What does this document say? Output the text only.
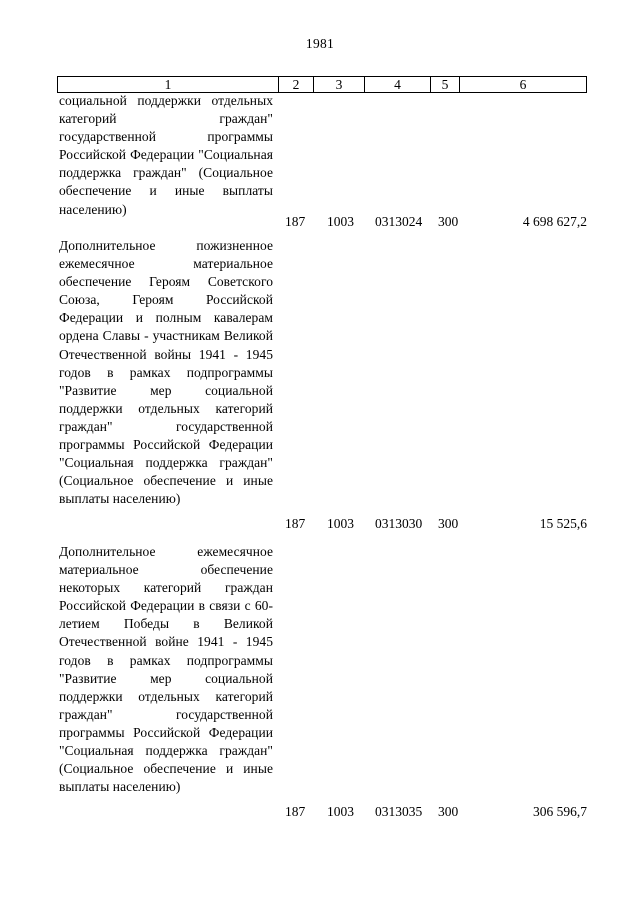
1981
1	2	3	4	5	6
социальной поддержки отдельных категорий граждан" государственной программы Российской Федерации "Социальная поддержка граждан" (Социальное обеспечение и иные выплаты населению)
187 1003 0313024 300	4 698 627,2
Дополнительное пожизненное ежемесячное материальное обеспечение Героям Советского Союза, Героям Российской Федерации и полным кавалерам ордена Славы - участникам Великой Отечественной войны 1941 - 1945 годов в рамках подпрограммы "Развитие мер социальной поддержки отдельных категорий граждан" государственной программы Российской Федерации "Социальная поддержка граждан" (Социальное обеспечение и иные выплаты населению)
187 1003 0313030 300	15 525,6
Дополнительное ежемесячное материальное обеспечение некоторых категорий граждан Российской Федерации в связи с 60-летием Победы в Великой Отечественной войне 1941 - 1945 годов в рамках подпрограммы "Развитие мер социальной поддержки отдельных категорий граждан" государственной программы Российской Федерации "Социальная поддержка граждан" (Социальное обеспечение и иные выплаты населению)
187 1003 0313035 300	306 596,7
